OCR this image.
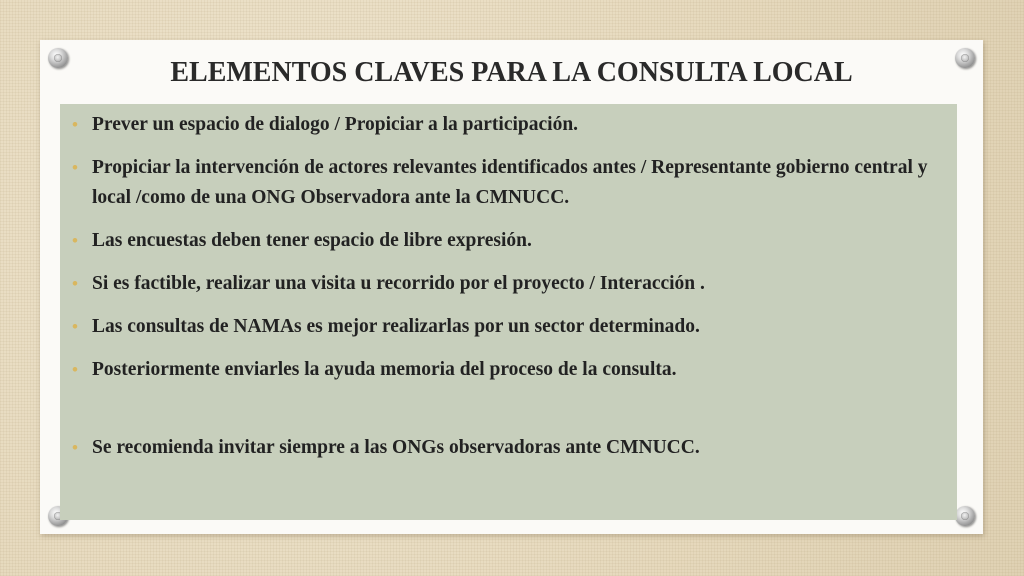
ELEMENTOS CLAVES PARA LA CONSULTA LOCAL
• Prever un espacio de dialogo / Propiciar a la participación.
• Propiciar la intervención de actores relevantes identificados antes / Representante gobierno central y local /como de una ONG Observadora ante la CMNUCC.
• Las encuestas deben tener espacio de libre expresión.
• Si es factible, realizar una visita u recorrido por el proyecto / Interacción .
• Las consultas de NAMAs es mejor realizarlas por un sector determinado.
• Posteriormente enviarles la ayuda memoria del proceso de la consulta.
• Se recomienda invitar siempre a las ONGs observadoras ante CMNUCC.
